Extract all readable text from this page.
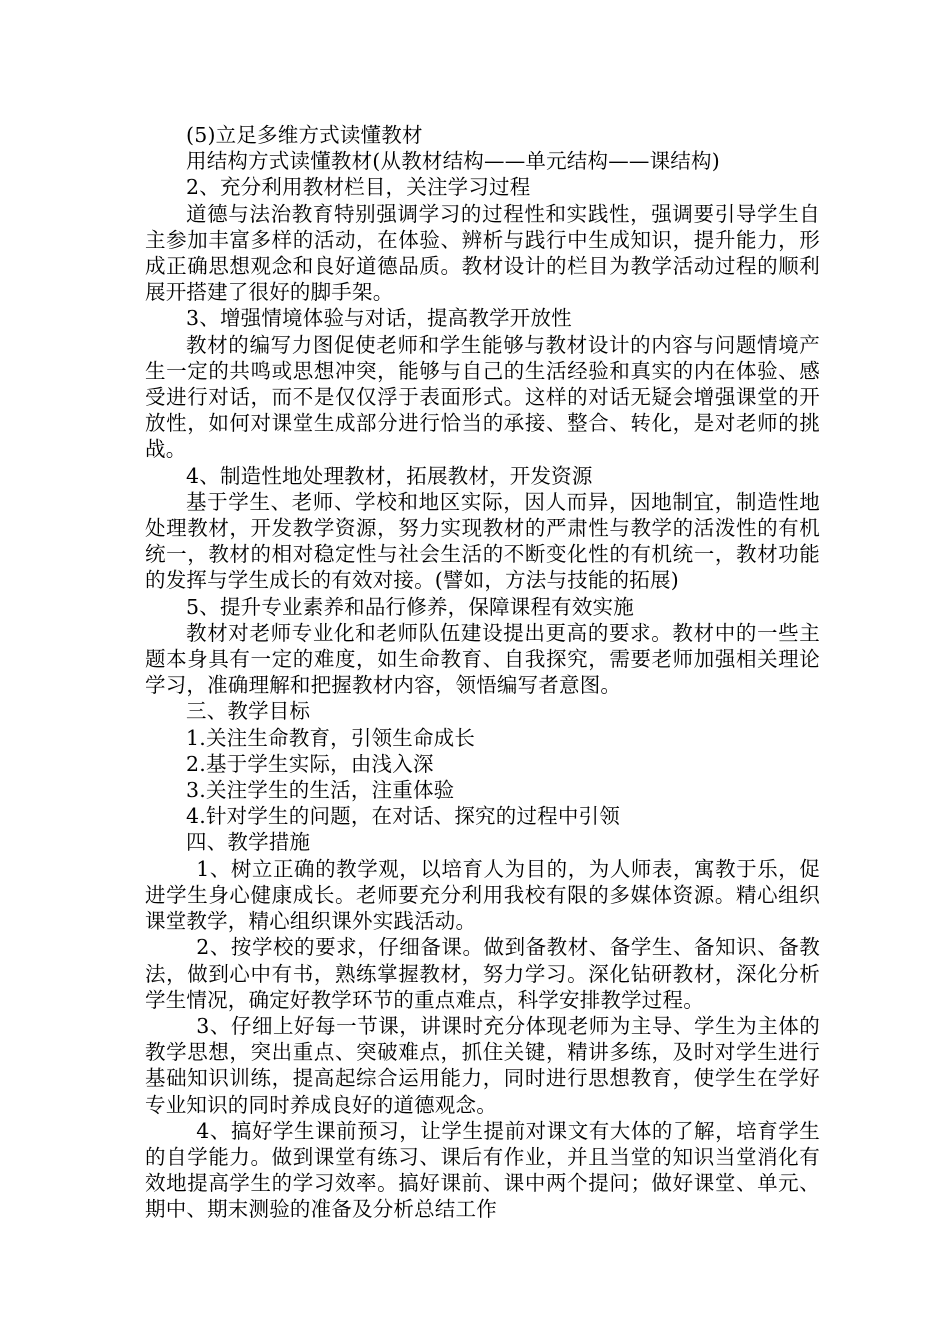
(5)立足多维方式读懂教材

用结构方式读懂教材(从教材结构——单元结构——课结构)

2、充分利用教材栏目，关注学习过程

道德与法治教育特别强调学习的过程性和实践性，强调要引导学生自主参加丰富多样的活动，在体验、辨析与践行中生成知识，提升能力，形成正确思想观念和良好道德品质。教材设计的栏目为教学活动过程的顺利展开搭建了很好的脚手架。

3、增强情境体验与对话，提高教学开放性

教材的编写力图促使老师和学生能够与教材设计的内容与问题情境产生一定的共鸣或思想冲突，能够与自己的生活经验和真实的内在体验、感受进行对话，而不是仅仅浮于表面形式。这样的对话无疑会增强课堂的开放性，如何对课堂生成部分进行恰当的承接、整合、转化，是对老师的挑战。

4、制造性地处理教材，拓展教材，开发资源

基于学生、老师、学校和地区实际，因人而异，因地制宜，制造性地处理教材，开发教学资源，努力实现教材的严肃性与教学的活泼性的有机统一，教材的相对稳定性与社会生活的不断变化性的有机统一，教材功能的发挥与学生成长的有效对接。(譬如，方法与技能的拓展)

5、提升专业素养和品行修养，保障课程有效实施

教材对老师专业化和老师队伍建设提出更高的要求。教材中的一些主题本身具有一定的难度，如生命教育、自我探究，需要老师加强相关理论学习，准确理解和把握教材内容，领悟编写者意图。

三、教学目标

1.关注生命教育，引领生命成长

2.基于学生实际，由浅入深

3.关注学生的生活，注重体验

4.针对学生的问题，在对话、探究的过程中引领

四、教学措施

1、树立正确的教学观，以培育人为目的，为人师表，寓教于乐，促进学生身心健康成长。老师要充分利用我校有限的多媒体资源。精心组织课堂教学，精心组织课外实践活动。

2、按学校的要求，仔细备课。做到备教材、备学生、备知识、备教法，做到心中有书，熟练掌握教材，努力学习。深化钻研教材，深化分析学生情况，确定好教学环节的重点难点，科学安排教学过程。

3、仔细上好每一节课，讲课时充分体现老师为主导、学生为主体的教学思想，突出重点、突破难点，抓住关键，精讲多练，及时对学生进行基础知识训练，提高起综合运用能力，同时进行思想教育，使学生在学好专业知识的同时养成良好的道德观念。

4、搞好学生课前预习，让学生提前对课文有大体的了解，培育学生的自学能力。做到课堂有练习、课后有作业，并且当堂的知识当堂消化有效地提高学生的学习效率。搞好课前、课中两个提问；做好课堂、单元、期中、期末测验的准备及分析总结工作
